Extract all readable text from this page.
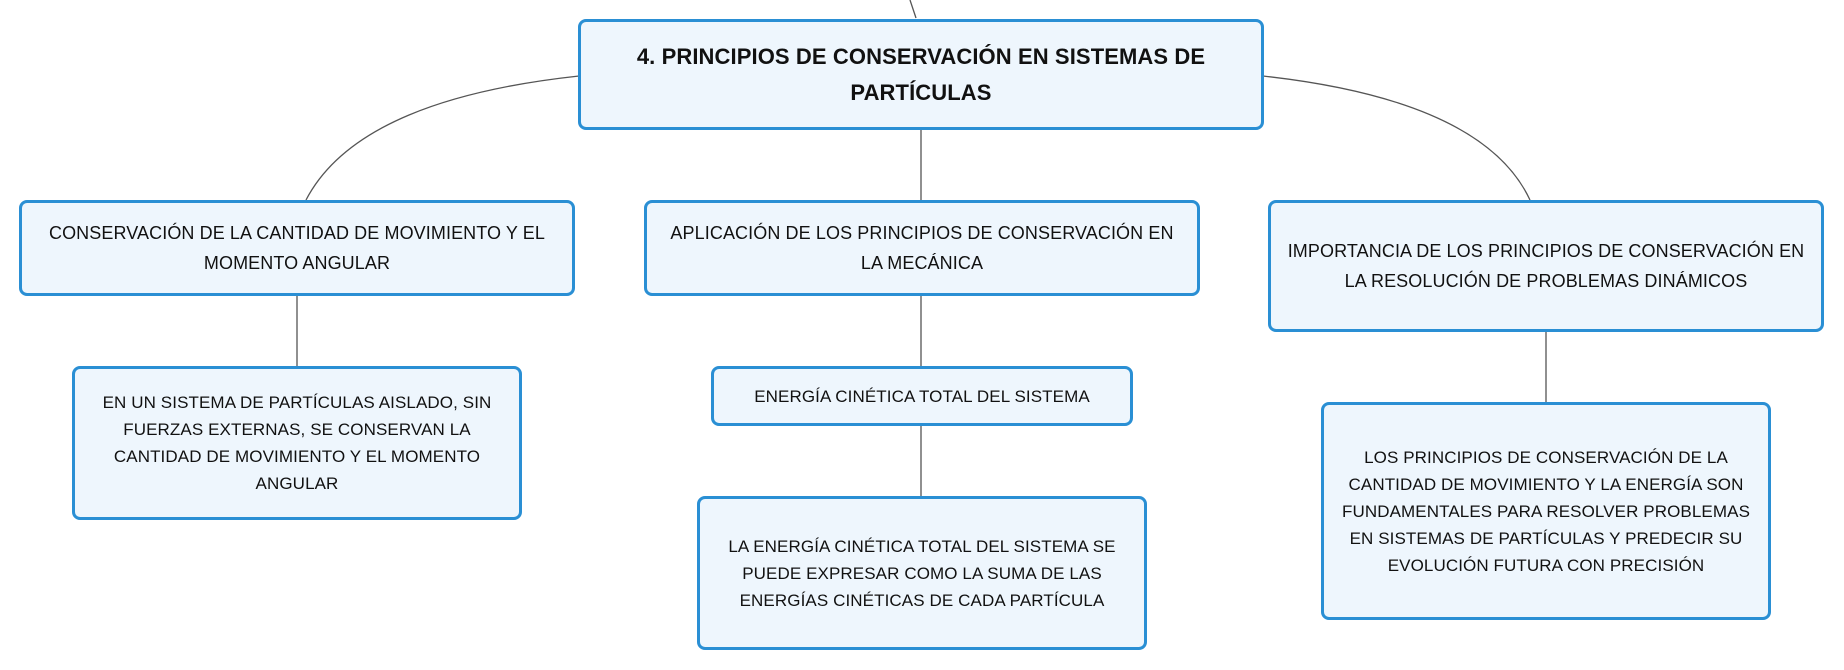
4. PRINCIPIOS DE CONSERVACIÓN EN SISTEMAS DE PARTÍCULAS
CONSERVACIÓN DE LA CANTIDAD DE MOVIMIENTO Y EL MOMENTO ANGULAR
APLICACIÓN DE LOS PRINCIPIOS DE CONSERVACIÓN EN LA MECÁNICA
IMPORTANCIA DE LOS PRINCIPIOS DE CONSERVACIÓN EN LA RESOLUCIÓN DE PROBLEMAS DINÁMICOS
EN UN SISTEMA DE PARTÍCULAS AISLADO, SIN FUERZAS EXTERNAS, SE CONSERVAN LA CANTIDAD DE MOVIMIENTO Y EL MOMENTO ANGULAR
ENERGÍA CINÉTICA TOTAL DEL SISTEMA
LA ENERGÍA CINÉTICA TOTAL DEL SISTEMA SE PUEDE EXPRESAR COMO LA SUMA DE LAS ENERGÍAS CINÉTICAS DE CADA PARTÍCULA
LOS PRINCIPIOS DE CONSERVACIÓN DE LA CANTIDAD DE MOVIMIENTO Y LA ENERGÍA SON FUNDAMENTALES PARA RESOLVER PROBLEMAS EN SISTEMAS DE PARTÍCULAS Y PREDECIR SU EVOLUCIÓN FUTURA CON PRECISIÓN
